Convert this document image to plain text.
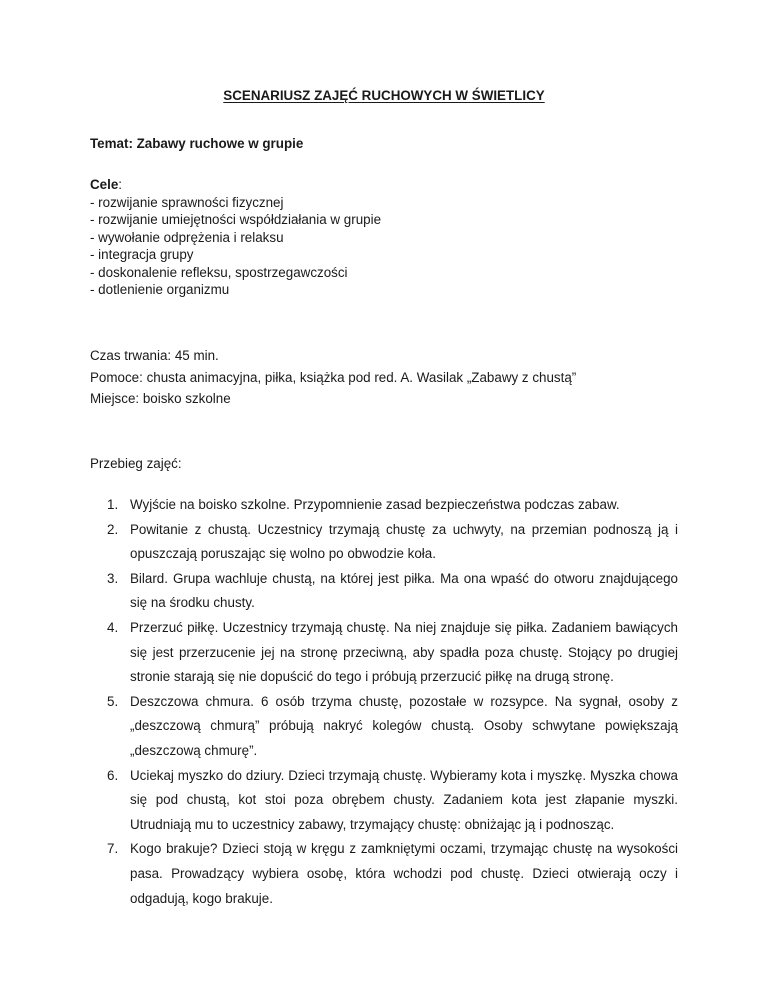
SCENARIUSZ ZAJĘĆ RUCHOWYCH W ŚWIETLICY
Temat: Zabawy ruchowe w grupie
Cele:
- rozwijanie sprawności fizycznej
- rozwijanie umiejętności współdziałania w grupie
- wywołanie odprężenia i relaksu
- integracja grupy
- doskonalenie refleksu, spostrzegawczości
- dotlenienie organizmu
Czas trwania: 45 min.
Pomoce: chusta animacyjna, piłka, książka pod red. A. Wasilak „Zabawy z chustą”
Miejsce: boisko szkolne
Przebieg zajęć:
1. Wyjście na boisko szkolne. Przypomnienie zasad bezpieczeństwa podczas zabaw.
2. Powitanie z chustą. Uczestnicy trzymają chustę za uchwyty, na przemian podnoszą ją i opuszczają poruszając się wolno po obwodzie koła.
3. Bilard. Grupa wachluje chustą, na której jest piłka. Ma ona wpaść do otworu znajdującego się na środku chusty.
4. Przerzuć piłkę. Uczestnicy trzymają chustę. Na niej znajduje się piłka. Zadaniem bawiących się jest przerzucenie jej na stronę przeciwną, aby spadła poza chustę. Stojący po drugiej stronie starają się nie dopuścić do tego i próbują przerzucić piłkę na drugą stronę.
5. Deszczowa chmura. 6 osób trzyma chustę, pozostałe w rozsypce. Na sygnał, osoby z „deszczową chmurą” próbują nakryć kolegów chustą. Osoby schwytane powiększają „deszczową chmurę”.
6. Uciekaj myszko do dziury. Dzieci trzymają chustę. Wybieramy kota i myszkę. Myszka chowa się pod chustą, kot stoi poza obrębem chusty. Zadaniem kota jest złapanie myszki. Utrudniają mu to uczestnicy zabawy, trzymający chustę: obniżając ją i podnosząc.
7. Kogo brakuje? Dzieci stoją w kręgu z zamkniętymi oczami, trzymając chustę na wysokości pasa. Prowadzący wybiera osobę, która wchodzi pod chustę. Dzieci otwierają oczy i odgadują, kogo brakuje.
